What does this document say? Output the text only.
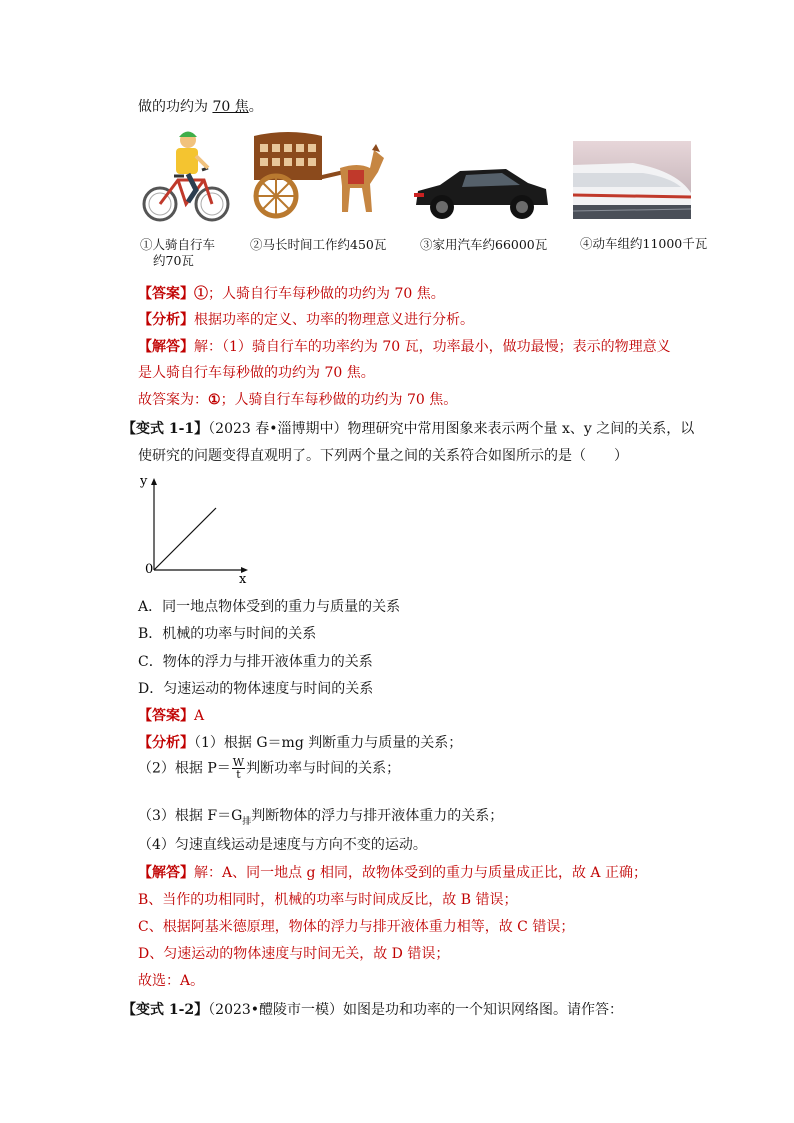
做的功约为 70 焦。
①人骑自行车
约70瓦
②马长时间工作约450瓦	③家用汽车约66000瓦	④动车组约11000千瓦
【答案】①；人骑自行车每秒做的功约为 70 焦。
【分析】根据功率的定义、功率的物理意义进行分析。
【解答】解：（1）骑自行车的功率约为 70 瓦，功率最小，做功最慢；表示的物理意义
是人骑自行车每秒做的功约为 70 焦。
故答案为：①；人骑自行车每秒做的功约为 70 焦。
【变式 1-1】（2023 春•淄博期中）物理研究中常用图象来表示两个量 x、y 之间的关系，以
使研究的问题变得直观明了。下列两个量之间的关系符合如图所示的是（　　）
y
x
0
A．同一地点物体受到的重力与质量的关系
B．机械的功率与时间的关系
C．物体的浮力与排开液体重力的关系
D．匀速运动的物体速度与时间的关系
【答案】A
【分析】（1）根据 G＝mg 判断重力与质量的关系；
（2）根据 $P= \frac{W}{t}$ 判断功率与时间的关系；
（3）根据 $F=G_排$判断物体的浮力与排开液体重力的关系；
（4）匀速直线运动是速度与方向不变的运动。
【解答】解：A、同一地点 g 相同，故物体受到的重力与质量成正比，故 A 正确；
B、当作的功相同时，机械的功率与时间成反比，故 B 错误；
C、根据阿基米德原理，物体的浮力与排开液体重力相等，故 C 错误；
D、匀速运动的物体速度与时间无关，故 D 错误；
故选：A。
【变式 1-2】（2023•醴陵市一模）如图是功和功率的一个知识网络图。请作答：
